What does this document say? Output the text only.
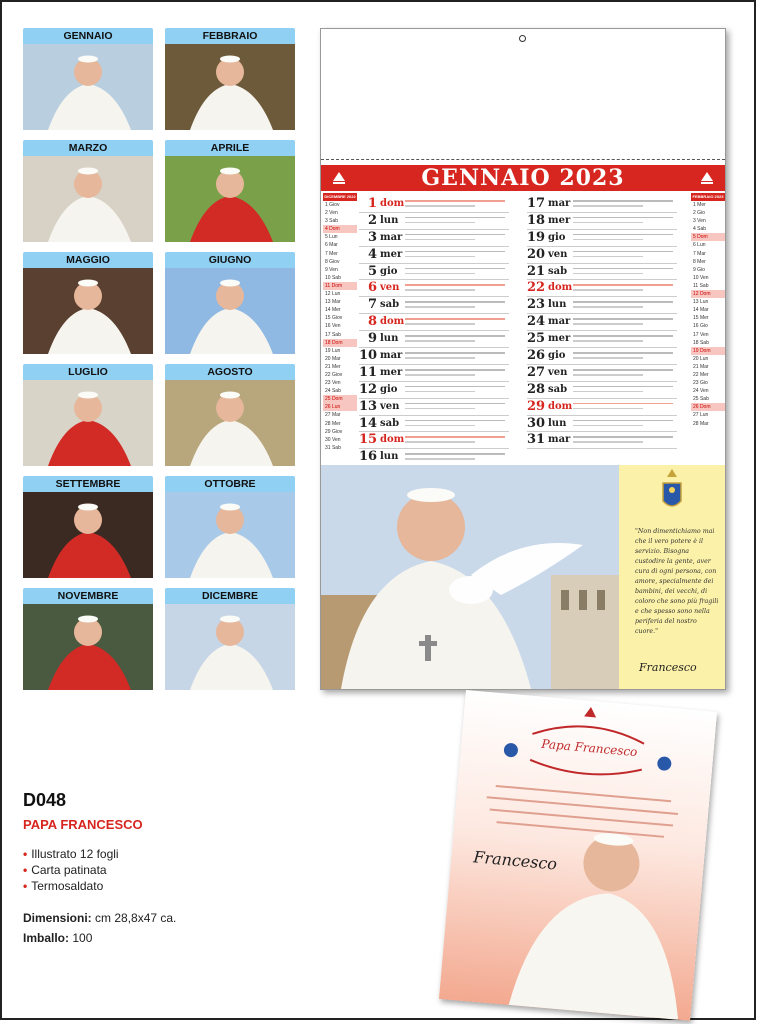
GENNAIO	FEBBRAIO
MARZO	APRILE
MAGGIO	GIUGNO
LUGLIO	AGOSTO
SETTEMBRE	OTTOBRE
NOVEMBRE	DICEMBRE
GENNAIO 2023
DICEMBRE 2022
1 Giov
2 Ven
3 Sab
4 Dom
5 Lun
6 Mar
7 Mer
8 Giov
9 Ven
10 Sab
11 Dom
12 Lun
13 Mar
14 Mer
15 Giov
16 Ven
17 Sab
18 Dom
19 Lun
20 Mar
21 Mer
22 Giov
23 Ven
24 Sab
25 Dom
26 Lun
27 Mar
28 Mer
29 Giov
30 Ven
31 Sab
1 dom
2 lun
3 mar
4 mer
5 gio
6 ven
7 sab
8 dom
9 lun
10 mar
11 mer
12 gio
13 ven
14 sab
15 dom
16 lun
17 mar
18 mer
19 gio
20 ven
21 sab
22 dom
23 lun
24 mar
25 mer
26 gio
27 ven
28 sab
29 dom
30 lun
31 mar
FEBBRAIO 2023
1 Mer
2 Gio
3 Ven
4 Sab
5 Dom
6 Lun
7 Mar
8 Mer
9 Gio
10 Ven
11 Sab
12 Dom
13 Lun
14 Mar
15 Mer
16 Gio
17 Ven
18 Sab
19 Dom
20 Lun
21 Mar
22 Mer
23 Gio
24 Ven
25 Sab
26 Dom
27 Lun
28 Mar
"Non dimentichiamo mai che il vero potere è il servizio. Bisogna custodire la gente, aver cura di ogni persona, con amore, specialmente dei bambini, dei vecchi, di coloro che sono più fragili e che spesso sono nella periferia del nostro cuore."
Francesco
Papa Francesco
Francesco
D048
PAPA FRANCESCO
• Illustrato 12 fogli
• Carta patinata
• Termosaldato
Dimensioni: cm 28,8x47 ca.
Imballo: 100
